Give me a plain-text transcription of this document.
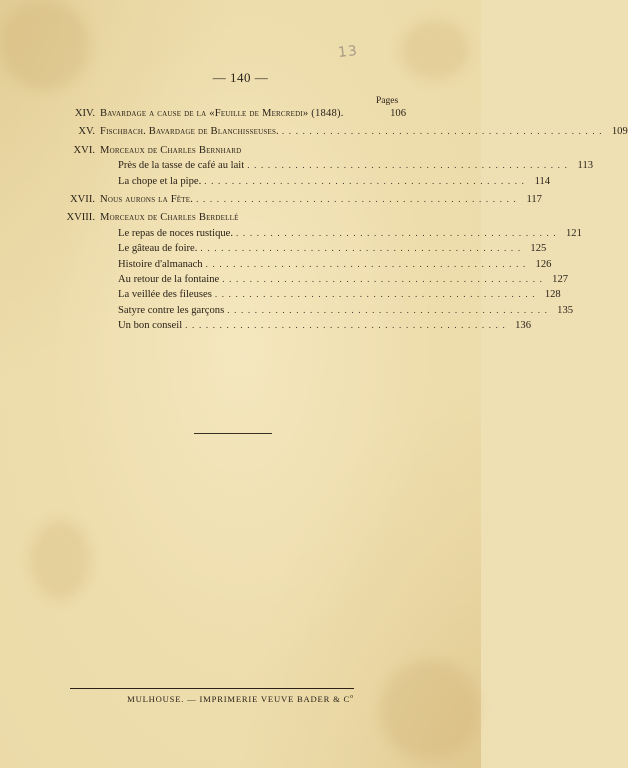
13
— 140 —
Pages
XIV. Bavardage a cause de la «Feuille de Mercredi» (1848).	106
XV. Fischbach. Bavardage de Blanchisseuses. . . .	109
XVI. Morceaux de Charles Bernhard
Près de la tasse de café au lait . . .	113
La chope et la pipe. . . .	114
XVII. Nous aurons la Fête. . . .	117
XVIII. Morceaux de Charles Berdellé
Le repas de noces rustique. . . .	121
Le gâteau de foire. . . .	125
Histoire d'almanach . . .	126
Au retour de la fontaine . . .	127
La veillée des fileuses . . .	128
Satyre contre les garçons . . .	135
Un bon conseil . . .	136
MULHOUSE. — IMPRIMERIE VEUVE BADER & $C^o$
